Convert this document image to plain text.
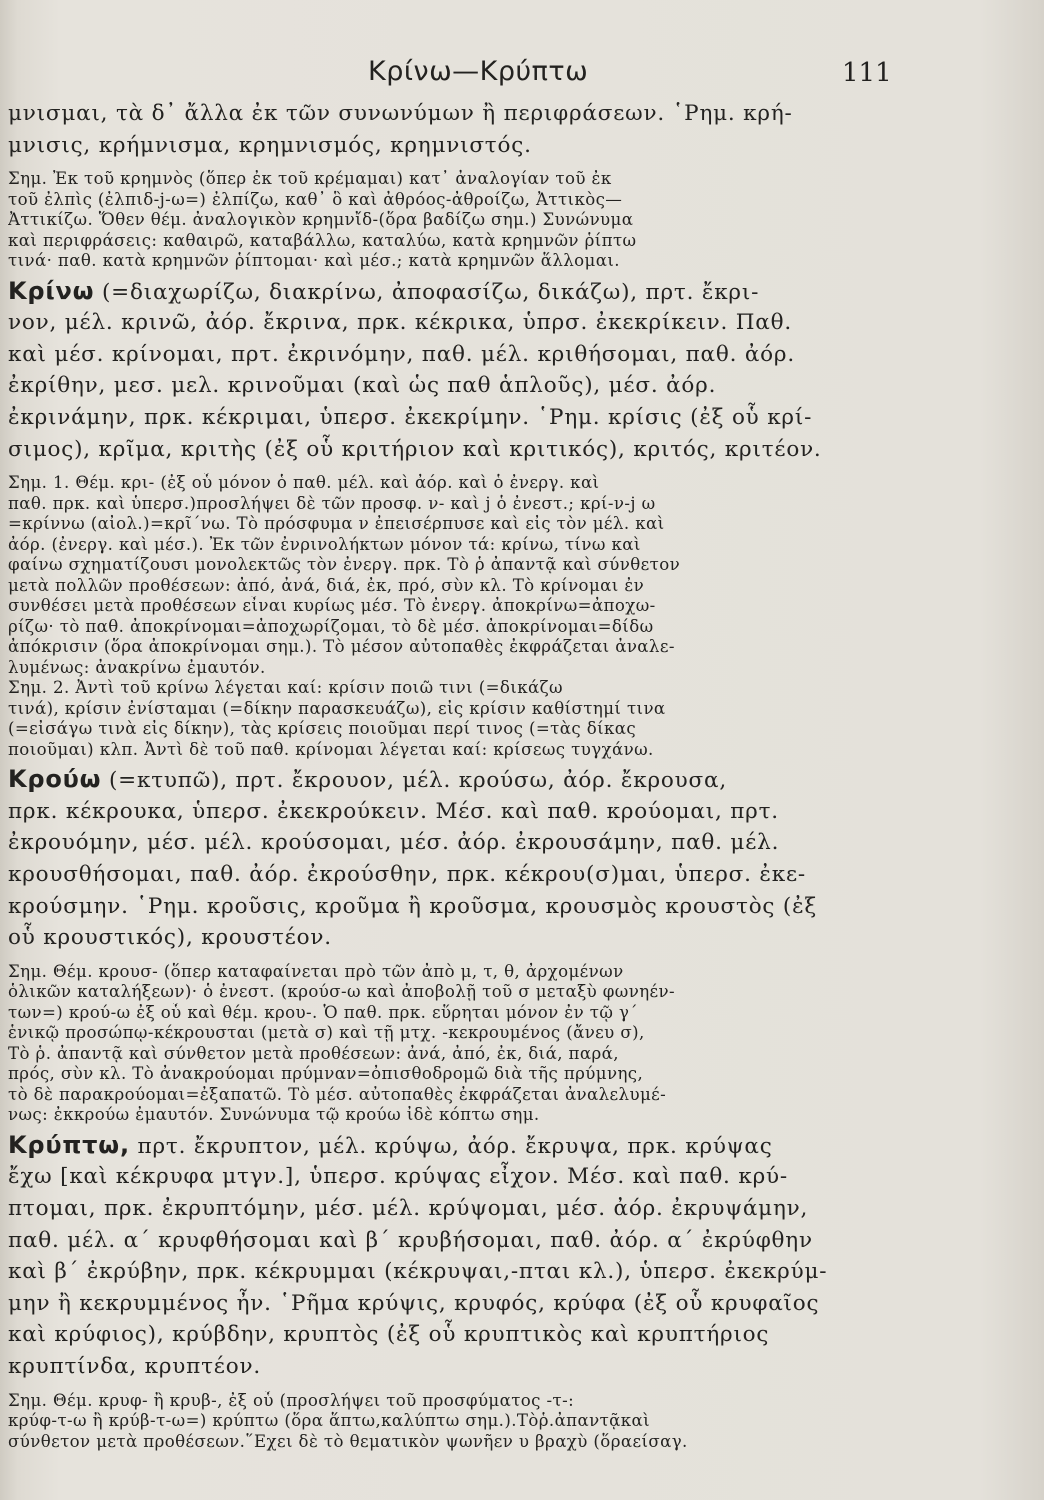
Κρίνω—Κρύπτω	111
μνισμαι, τὰ δ᾽ ἄλλα ἐκ τῶν συνωνύμων ἢ περιφράσεων. ῾Ρημ. κρή-
μνισις, κρήμνισμα, κρημνισμός, κρημνιστός.
Σημ. Ἐκ τοῦ κρημνὸς (ὅπερ ἐκ τοῦ κρέμαμαι) κατ᾽ ἀναλογίαν τοῦ ἐκ
τοῦ ἐλπὶς (ἐλπιδ-j-ω=) ἐλπίζω, καθ᾽ ὃ καὶ ἀθρόος-ἀθροίζω, Ἀττικὸς—
Ἀττικίζω. Ὅθεν θέμ. ἀναλογικὸν κρημνἴδ-(ὅρα βαδίζω σημ.) Συνώνυμα
καὶ περιφράσεις: καθαιρῶ, καταβάλλω, καταλύω, κατὰ κρημνῶν ῥίπτω
τινά· παθ. κατὰ κρημνῶν ῥίπτομαι· καὶ μέσ.; κατὰ κρημνῶν ἅλλομαι.
Κρίνω (=διαχωρίζω, διακρίνω, ἀποφασίζω, δικάζω), πρτ. ἔκρι-
νον, μέλ. κρινῶ, ἀόρ. ἔκρινα, πρκ. κέκρικα, ὑπρσ. ἐκεκρίκειν. Παθ.
καὶ μέσ. κρίνομαι, πρτ. ἐκρινόμην, παθ. μέλ. κριθήσομαι, παθ. ἀόρ.
ἐκρίθην, μεσ. μελ. κρινοῦμαι (καὶ ὡς παθ ἁπλοῦς), μέσ. ἀόρ.
ἐκρινάμην, πρκ. κέκριμαι, ὑπερσ. ἐκεκρίμην. ῾Ρημ. κρίσις (ἐξ οὗ κρί-
σιμος), κρῖμα, κριτὴς (ἐξ οὗ κριτήριον καὶ κριτικός), κριτός, κριτέον.
Σημ. 1. Θέμ. κρι- (ἐξ οὗ μόνον ὁ παθ. μέλ. καὶ ἀόρ. καὶ ὁ ἐνεργ. καὶ
παθ. πρκ. καὶ ὑπερσ.)προσλήψει δὲ τῶν προσφ. ν- καὶ j ὁ ἐνεστ.; κρί-ν-j ω
=κρίννω (αἰολ.)=κρῖ΄νω. Τὸ πρόσφυμα ν ἐπεισέρπυσε καὶ εἰς τὸν μέλ. καὶ
ἀόρ. (ἐνεργ. καὶ μέσ.). Ἐκ τῶν ἐνρινολήκτων μόνον τά: κρίνω, τίνω καὶ
φαίνω σχηματίζουσι μονολεκτῶς τὸν ἐνεργ. πρκ. Τὸ ῥ ἀπαντᾷ καὶ σύνθετον
μετὰ πολλῶν προθέσεων: ἀπό, ἀνά, διά, ἐκ, πρό, σὺν κλ. Τὸ κρίνομαι ἐν
συνθέσει μετὰ προθέσεων εἶναι κυρίως μέσ. Τὸ ἐνεργ. ἀποκρίνω=ἀποχω-
ρίζω· τὸ παθ. ἀποκρίνομαι=ἀποχωρίζομαι, τὸ δὲ μέσ. ἀποκρίνομαι=δίδω
ἀπόκρισιν (ὅρα ἀποκρίνομαι σημ.). Τὸ μέσον αὐτοπαθὲς ἐκφράζεται ἀναλε-
λυμένως: ἀνακρίνω ἐμαυτόν.
Σημ. 2. Ἀντὶ τοῦ κρίνω λέγεται καί: κρίσιν ποιῶ τινι (=δικάζω
τινά), κρίσιν ἐνίσταμαι (=δίκην παρασκευάζω), εἰς κρίσιν καθίστημί τινα
(=εἰσάγω τινὰ εἰς δίκην), τὰς κρίσεις ποιοῦμαι περί τινος (=τὰς δίκας
ποιοῦμαι) κλπ. Ἀντὶ δὲ τοῦ παθ. κρίνομαι λέγεται καί: κρίσεως τυγχάνω.
Κρούω (=κτυπῶ), πρτ. ἔκρουον, μέλ. κρούσω, ἀόρ. ἔκρουσα,
πρκ. κέκρουκα, ὑπερσ. ἐκεκρούκειν. Μέσ. καὶ παθ. κρούομαι, πρτ.
ἐκρουόμην, μέσ. μέλ. κρούσομαι, μέσ. ἀόρ. ἐκρουσάμην, παθ. μέλ.
κρουσθήσομαι, παθ. ἀόρ. ἐκρούσθην, πρκ. κέκρου(σ)μαι, ὑπερσ. ἐκε-
κρούσμην. ῾Ρημ. κροῦσις, κροῦμα ἢ κροῦσμα, κρουσμὸς κρουστὸς (ἐξ
οὗ κρουστικός), κρουστέον.
Σημ. Θέμ. κρουσ- (ὅπερ καταφαίνεται πρὸ τῶν ἀπὸ μ, τ, θ, ἀρχομένων
ὁλικῶν καταλήξεων)· ὁ ἐνεστ. (κρούσ-ω καὶ ἀποβολῇ τοῦ σ μεταξὺ φωνηέν-
των=) κρού-ω ἐξ οὗ καὶ θέμ. κρου-. Ὁ παθ. πρκ. εὕρηται μόνον ἐν τῷ γ΄
ἑνικῷ προσώπῳ-κέκρουσται (μετὰ σ) καὶ τῇ μτχ. -κεκρουμένος (ἄνευ σ),
Τὸ ῥ. ἀπαντᾷ καὶ σύνθετον μετὰ προθέσεων: ἀνά, ἀπό, ἐκ, διά, παρά,
πρός, σὺν κλ. Τὸ ἀνακρούομαι πρύμναν=ὀπισθοδρομῶ διὰ τῆς πρύμνης,
τὸ δὲ παρακρούομαι=ἐξαπατῶ. Τὸ μέσ. αὐτοπαθὲς ἐκφράζεται ἀναλελυμέ-
νως: ἐκκρούω ἐμαυτόν. Συνώνυμα τῷ κρούω ἰδὲ κόπτω σημ.
Κρύπτω, πρτ. ἔκρυπτον, μέλ. κρύψω, ἀόρ. ἔκρυψα, πρκ. κρύψας
ἔχω [καὶ κέκρυφα μτγν.], ὑπερσ. κρύψας εἶχον. Μέσ. καὶ παθ. κρύ-
πτομαι, πρκ. ἐκρυπτόμην, μέσ. μέλ. κρύψομαι, μέσ. ἀόρ. ἐκρυψάμην,
παθ. μέλ. α΄ κρυφθήσομαι καὶ β΄ κρυβήσομαι, παθ. ἀόρ. α΄ ἐκρύφθην
καὶ β΄ ἐκρύβην, πρκ. κέκρυμμαι (κέκρυψαι,-πται κλ.), ὑπερσ. ἐκεκρύμ-
μην ἢ κεκρυμμένος ἦν. ῾Ρῆμα κρύψις, κρυφός, κρύφα (ἐξ οὗ κρυφαῖος
καὶ κρύφιος), κρύβδην, κρυπτὸς (ἐξ οὗ κρυπτικὸς καὶ κρυπτήριος
κρυπτίνδα, κρυπτέον.
Σημ. Θέμ. κρυφ- ἢ κρυβ-, ἐξ οὗ (προσλήψει τοῦ προσφύματος -τ-:
κρύφ-τ-ω ἢ κρύβ-τ-ω=) κρύπτω (ὅρα ἅπτω,καλύπτω σημ.).Τὸῥ.ἀπαντᾷκαὶ
σύνθετον μετὰ προθέσεων.῞Εχει δὲ τὸ θεματικὸν ψωνῆεν υ βραχὺ (ὅραείσαγ.
